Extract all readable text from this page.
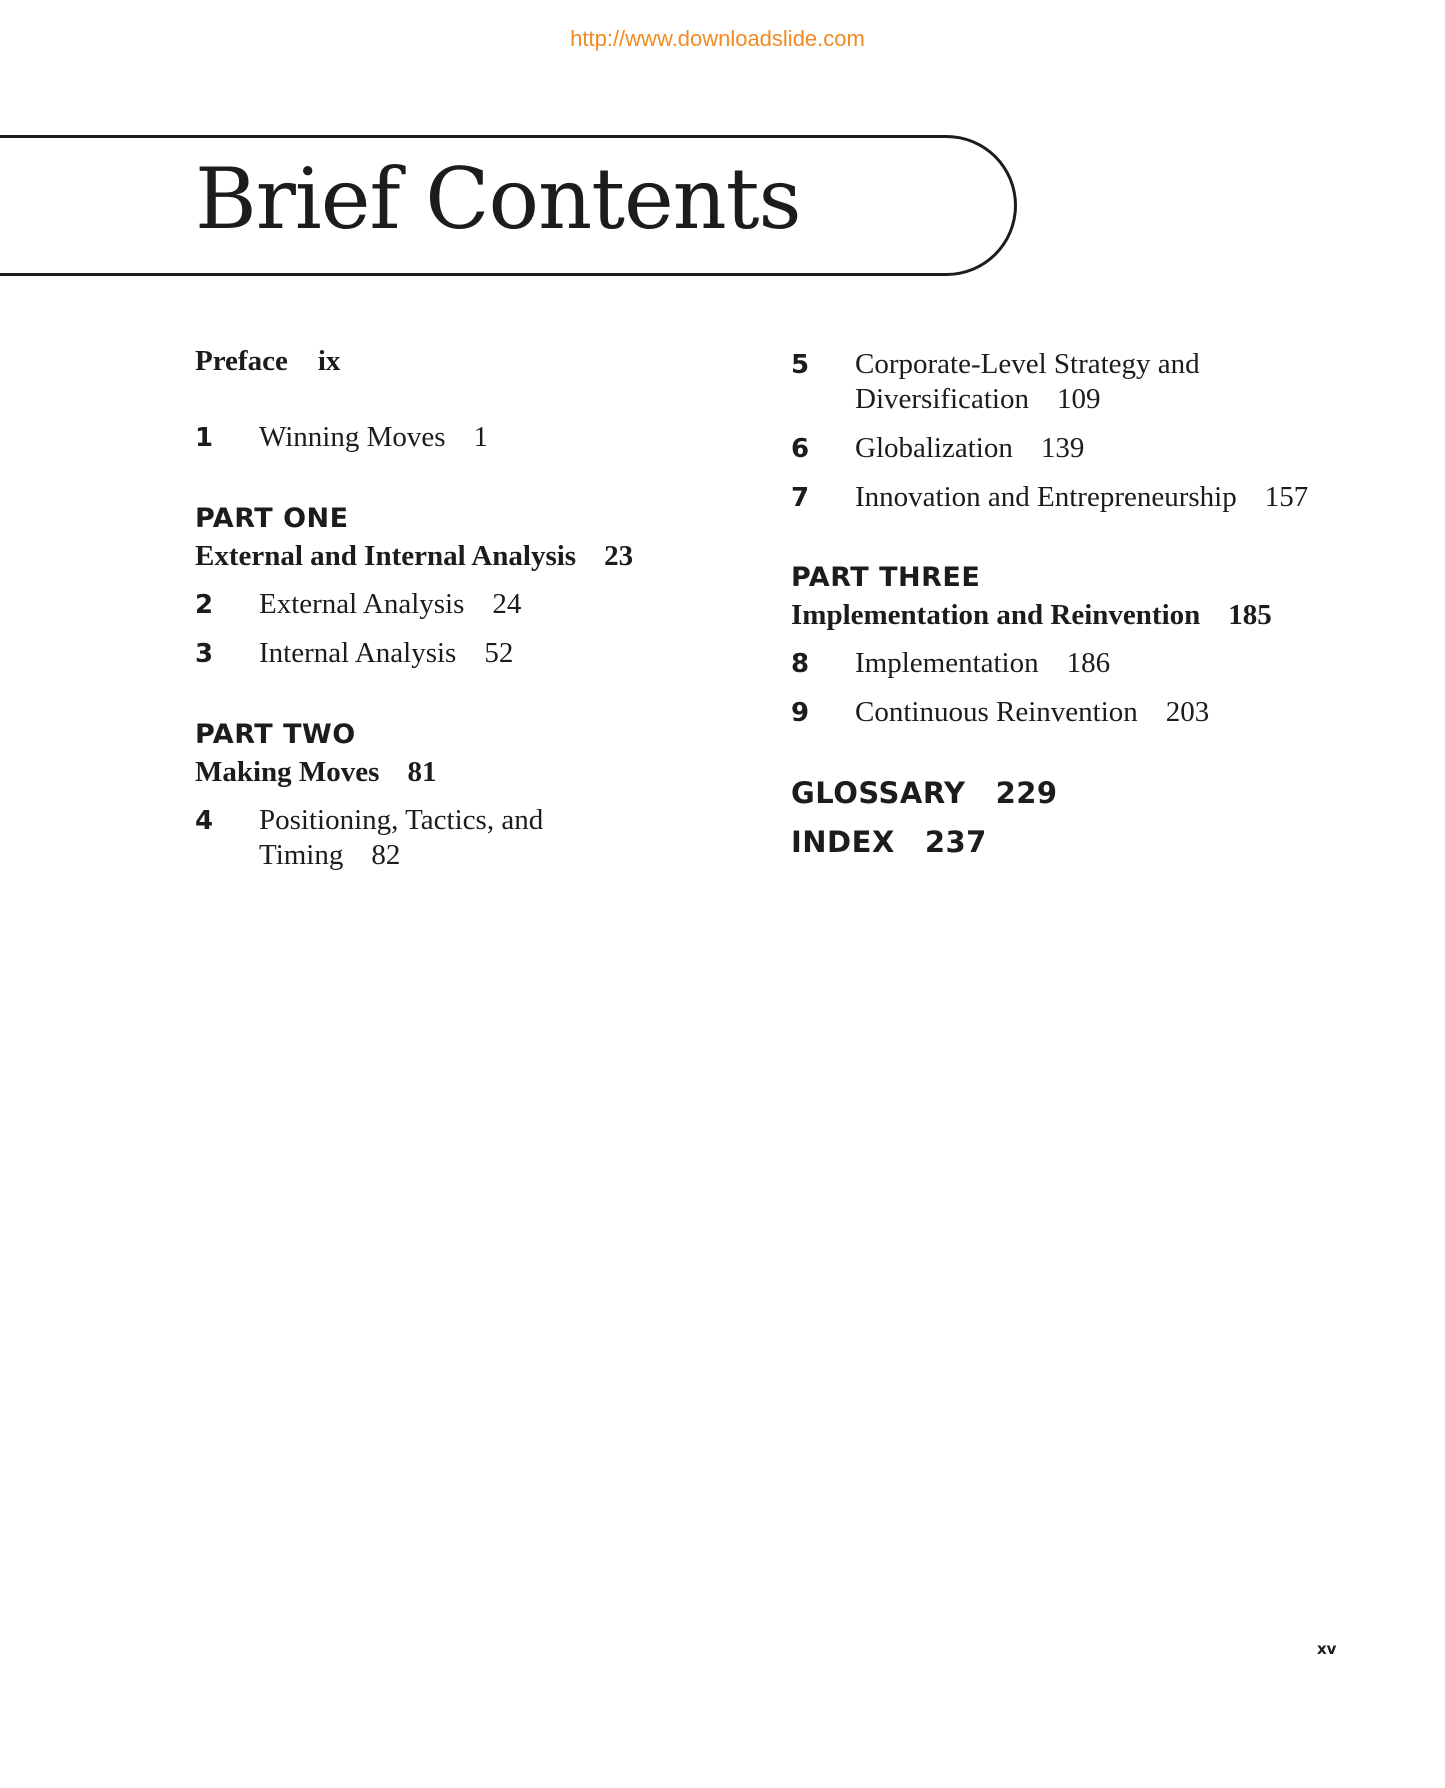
http://www.downloadslide.com
Brief Contents
Preface ix
1 Winning Moves 1
PART ONE
External and Internal Analysis 23
2 External Analysis 24
3 Internal Analysis 52
PART TWO
Making Moves 81
4 Positioning, Tactics, and
Timing 82
5 Corporate-Level Strategy and
Diversification 109
6 Globalization 139
7 Innovation and Entrepreneurship 157
PART THREE
Implementation and Reinvention 185
8 Implementation 186
9 Continuous Reinvention 203
GLOSSARY 229
INDEX 237
xv
